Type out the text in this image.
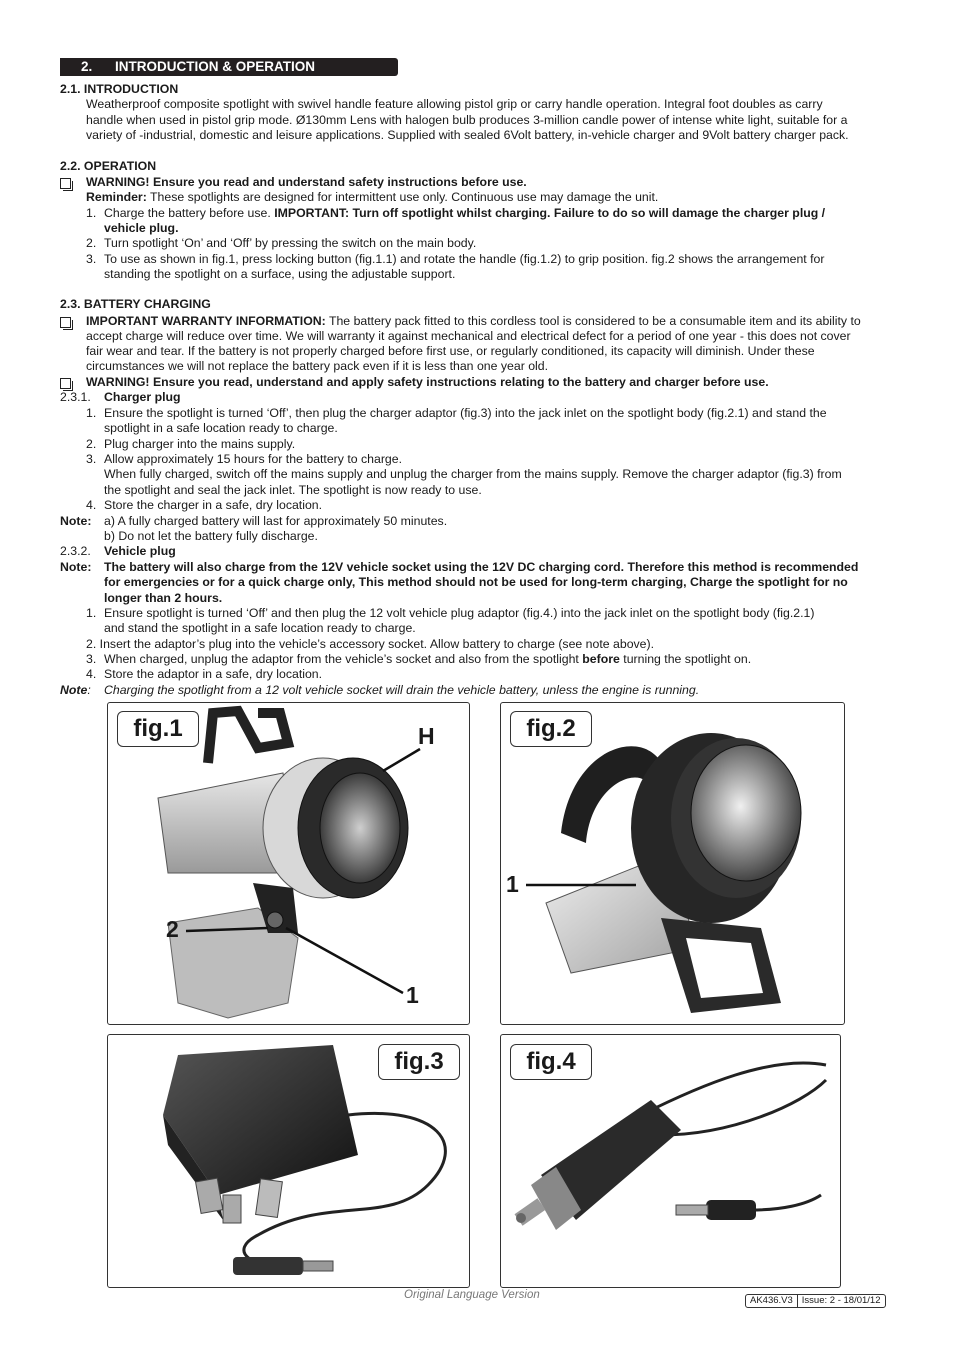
2. INTRODUCTION & OPERATION
2.1. INTRODUCTION
Weatherproof composite spotlight with swivel handle feature allowing pistol grip or carry handle operation. Integral foot doubles as carry
handle when used in pistol grip mode. Ø130mm Lens with halogen bulb produces 3-million candle power of intense white light, suitable for a
variety of -industrial, domestic and leisure applications. Supplied with sealed 6Volt battery, in-vehicle charger and 9Volt battery charger pack.
2.2. OPERATION
WARNING! Ensure you read and understand safety instructions before use.
Reminder: These spotlights are designed for intermittent use only. Continuous use may damage the unit.
1. Charge the battery before use. IMPORTANT: Turn off spotlight whilst charging. Failure to do so will damage the charger plug /
vehicle plug.
2. Turn spotlight ‘On’ and ‘Off’ by pressing the switch on the main body.
3. To use as shown in fig.1, press locking button (fig.1.1) and rotate the handle (fig.1.2) to grip position. fig.2 shows the arrangement for
standing the spotlight on a surface, using the adjustable support.
2.3. BATTERY CHARGING
IMPORTANT WARRANTY INFORMATION: The battery pack fitted to this cordless tool is considered to be a consumable item and its ability to
accept charge will reduce over time. We will warranty it against mechanical and electrical defect for a period of one year - this does not cover
fair wear and tear. If the battery is not properly charged before first use, or regularly conditioned, its capacity will diminish. Under these
circumstances we will not replace the battery pack even if it is less than one year old.
WARNING! Ensure you read, understand and apply safety instructions relating to the battery and charger before use.
2.3.1. Charger plug
1. Ensure the spotlight is turned ‘Off’, then plug the charger adaptor (fig.3) into the jack inlet on the spotlight body (fig.2.1) and stand the
spotlight in a safe location ready to charge.
2. Plug charger into the mains supply.
3. Allow approximately 15 hours for the battery to charge.
When fully charged, switch off the mains supply and unplug the charger from the mains supply. Remove the charger adaptor (fig.3) from
the spotlight and seal the jack inlet. The spotlight is now ready to use.
4. Store the charger in a safe, dry location.
Note: a) A fully charged battery will last for approximately 50 minutes.
b) Do not let the battery fully discharge.
2.3.2. Vehicle plug
Note: The battery will also charge from the 12V vehicle socket using the 12V DC charging cord. Therefore this method is recommended
for emergencies or for a quick charge only, This method should not be used for long-term charging, Charge the spotlight for no
longer than 2 hours.
1. Ensure spotlight is turned ‘Off’ and then plug the 12 volt vehicle plug adaptor (fig.4.) into the jack inlet on the spotlight body (fig.2.1)
and stand the spotlight in a safe location ready to charge.
2. Insert the adaptor’s plug into the vehicle’s accessory socket. Allow battery to charge (see note above).
3. When charged, unplug the adaptor from the vehicle’s socket and also from the spotlight before turning the spotlight on.
4. Store the adaptor in a safe, dry location.
Note: Charging the spotlight from a 12 volt vehicle socket will drain the vehicle battery, unless the engine is running.
fig.1	H
2
1
fig.2
1
fig.3	fig.4
Original Language Version	AK436.V3 Issue: 2 - 18/01/12
